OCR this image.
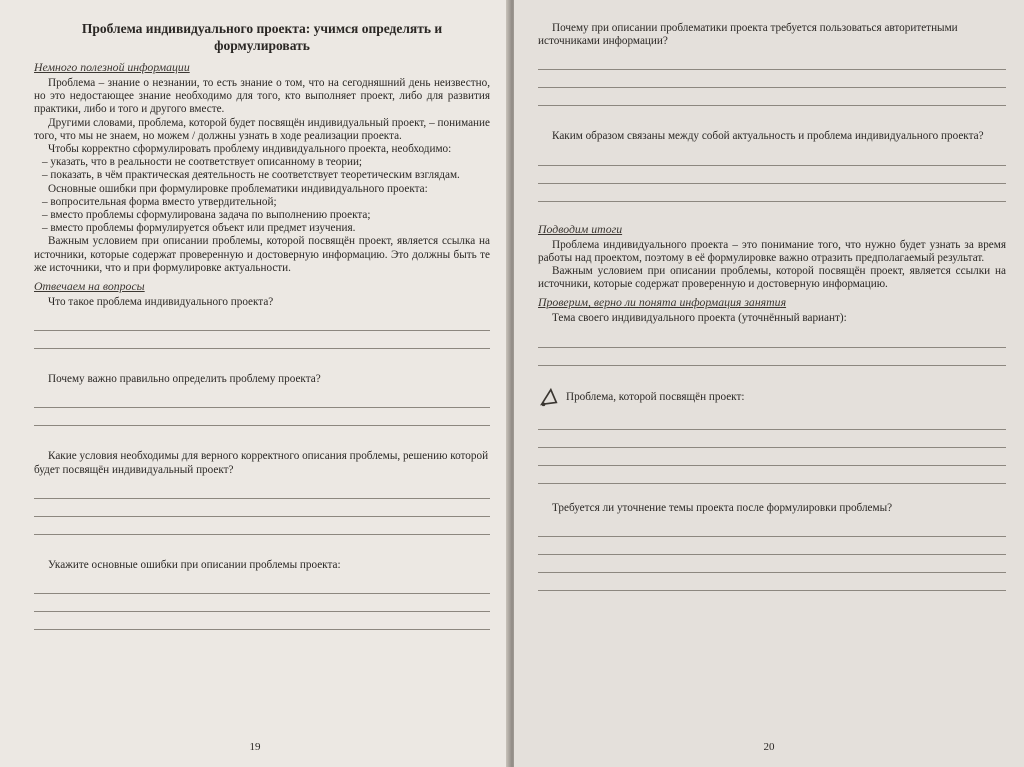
Проблема индивидуального проекта: учимся определять и формулировать
Немного полезной информации

Проблема – знание о незнании, то есть знание о том, что на сегодняшний день неизвестно, но это недостающее знание необходимо для того, кто выполняет проект, либо для развития практики, либо и того и другого вместе.

Другими словами, проблема, которой будет посвящён индивидуальный проект, – понимание того, что мы не знаем, но можем / должны узнать в ходе реализации проекта.

Чтобы корректно сформулировать проблему индивидуального проекта, необходимо:

– указать, что в реальности не соответствует описанному в теории;

– показать, в чём практическая деятельность не соответствует теоретическим взглядам.

Основные ошибки при формулировке проблематики индивидуального проекта:

– вопросительная форма вместо утвердительной;

– вместо проблемы сформулирована задача по выполнению проекта;

– вместо проблемы формулируется объект или предмет изучения.

Важным условием при описании проблемы, которой посвящён проект, является ссылка на источники, которые содержат проверенную и достоверную информацию. Это должны быть те же источники, что и при формулировке актуальности.

Отвечаем на вопросы
Что такое проблема индивидуального проекта?
Почему важно правильно определить проблему проекта?
Какие условия необходимы для верного корректного описания проблемы, решению которой будет посвящён индивидуальный проект?
Укажите основные ошибки при описании проблемы проекта:
19
Почему при описании проблематики проекта требуется пользоваться авторитетными источниками информации?
Каким образом связаны между собой актуальность и проблема индивидуального проекта?
Подводим итоги

Проблема индивидуального проекта – это понимание того, что нужно будет узнать за время работы над проектом, поэтому в её формулировке важно отразить предполагаемый результат.

Важным условием при описании проблемы, которой посвящён проект, является ссылки на источники, которые содержат проверенную и достоверную информацию.

Проверим, верно ли понята информация занятия
Тема своего индивидуального проекта (уточнённый вариант):
Проблема, которой посвящён проект:
Требуется ли уточнение темы проекта после формулировки проблемы?
20
